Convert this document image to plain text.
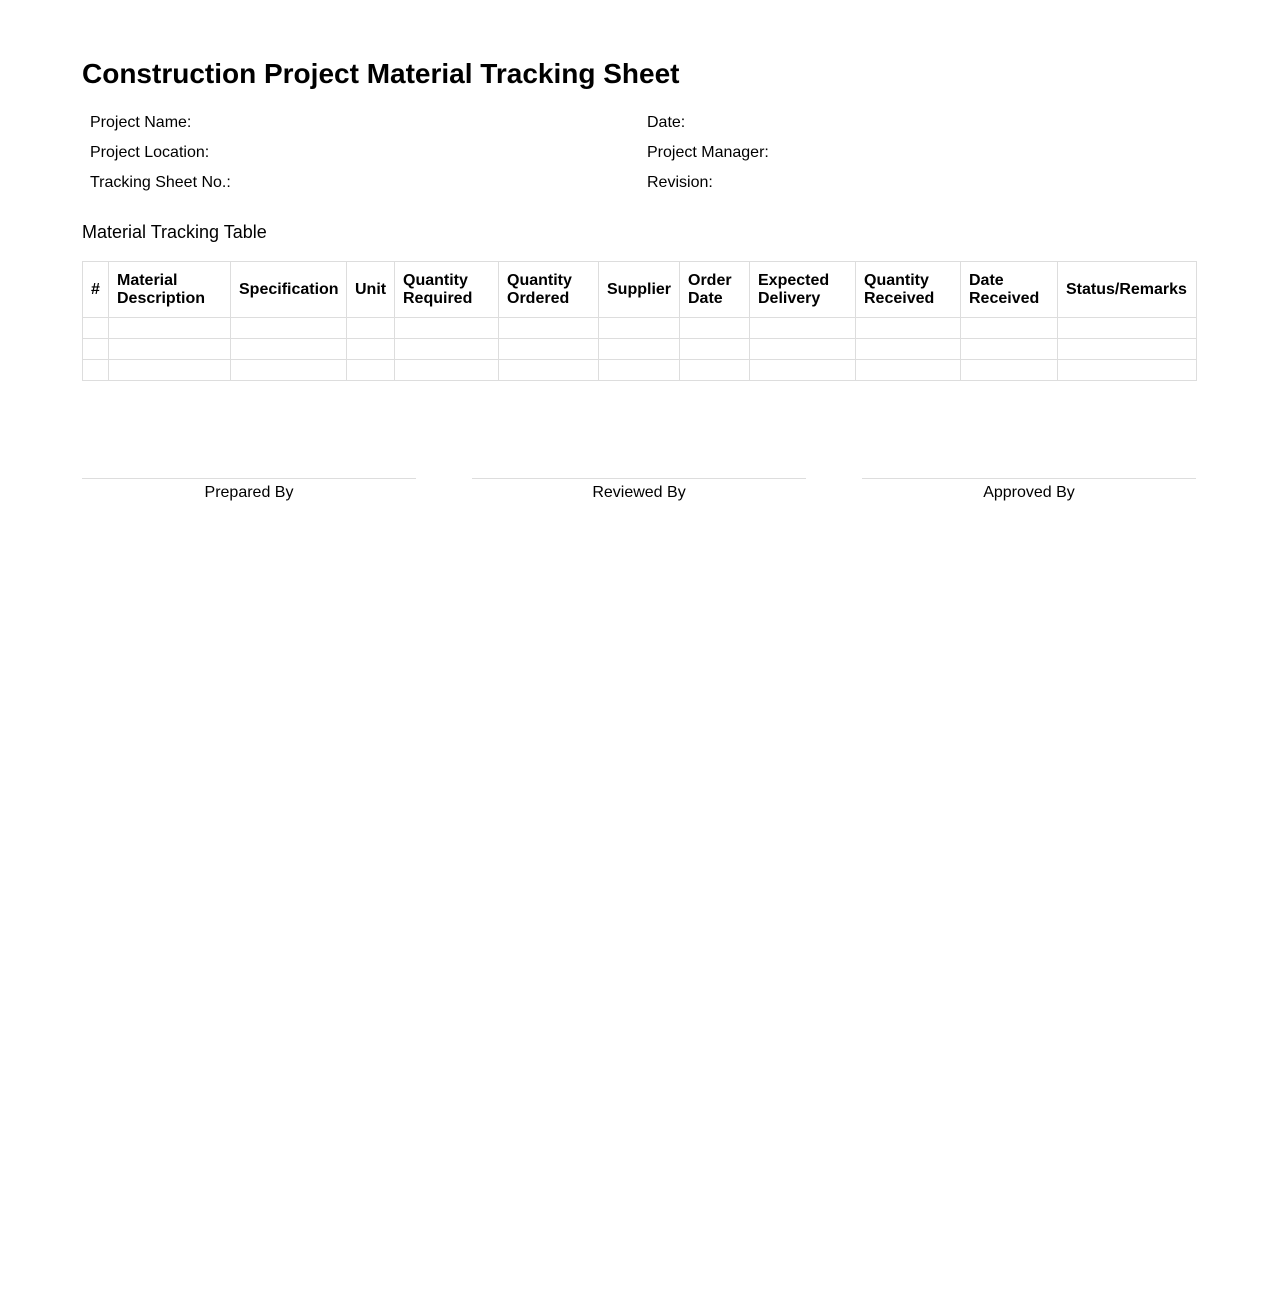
Construction Project Material Tracking Sheet
Project Name:
Project Location:
Tracking Sheet No.:
Date:
Project Manager:
Revision:
Material Tracking Table
#	Material Description	Specification	Unit	Quantity Required	Quantity Ordered	Supplier	Order Date	Expected Delivery	Quantity Received	Date Received	Status/Remarks

Prepared By	Reviewed By	Approved By
